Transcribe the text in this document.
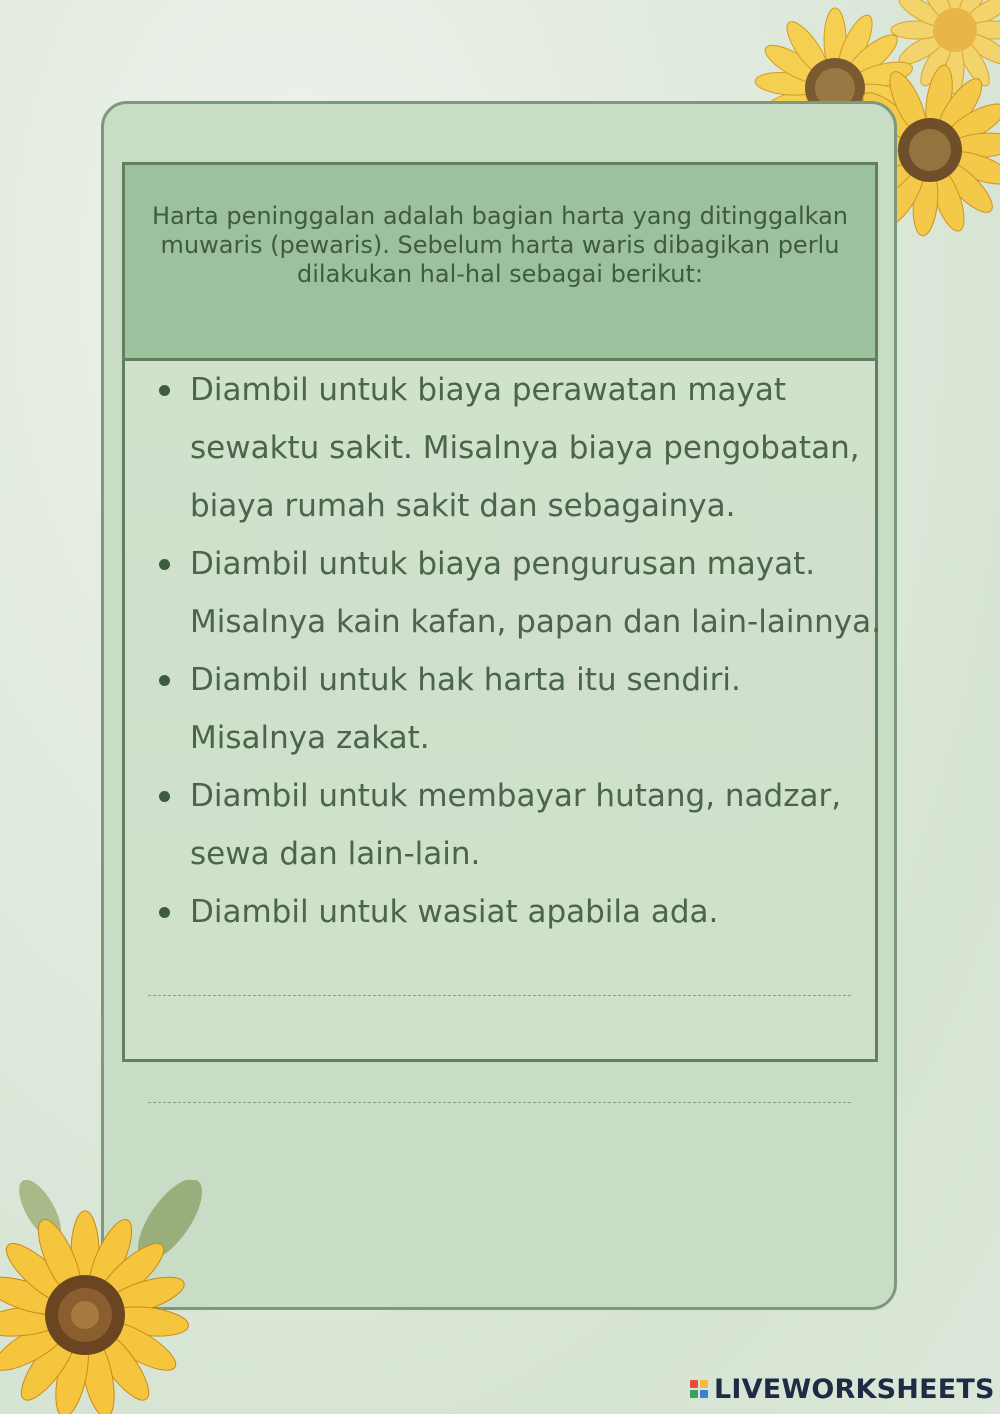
Harta peninggalan adalah bagian harta yang ditinggalkan muwaris (pewaris). Sebelum harta waris dibagikan perlu dilakukan hal-hal sebagai berikut:

Diambil untuk biaya perawatan mayat
sewaktu sakit. Misalnya biaya pengobatan,
biaya rumah sakit dan sebagainya.
Diambil untuk biaya pengurusan mayat.
Misalnya kain kafan, papan dan lain-lainnya.
Diambil untuk hak harta itu sendiri.
Misalnya zakat.
Diambil untuk membayar hutang, nadzar,
sewa dan lain-lain.
Diambil untuk wasiat apabila ada.
LIVEWORKSHEETS
